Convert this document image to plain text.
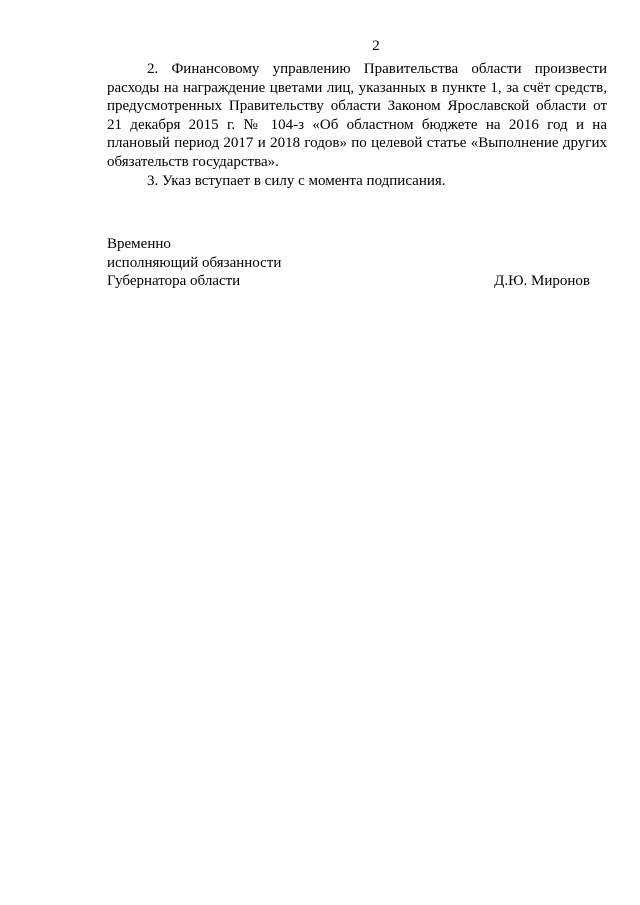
2

2. Финансовому управлению Правительства области произвести расходы на награждение цветами лиц, указанных в пункте 1, за счёт средств, предусмотренных Правительству области Законом Ярославской области от 21 декабря 2015 г. № 104-з «Об областном бюджете на 2016 год и на плановый период 2017 и 2018 годов» по целевой статье «Выполнение других обязательств государства».

3. Указ вступает в силу с момента подписания.

Временно
исполняющий обязанности
Губернатора области	Д.Ю. Миронов
